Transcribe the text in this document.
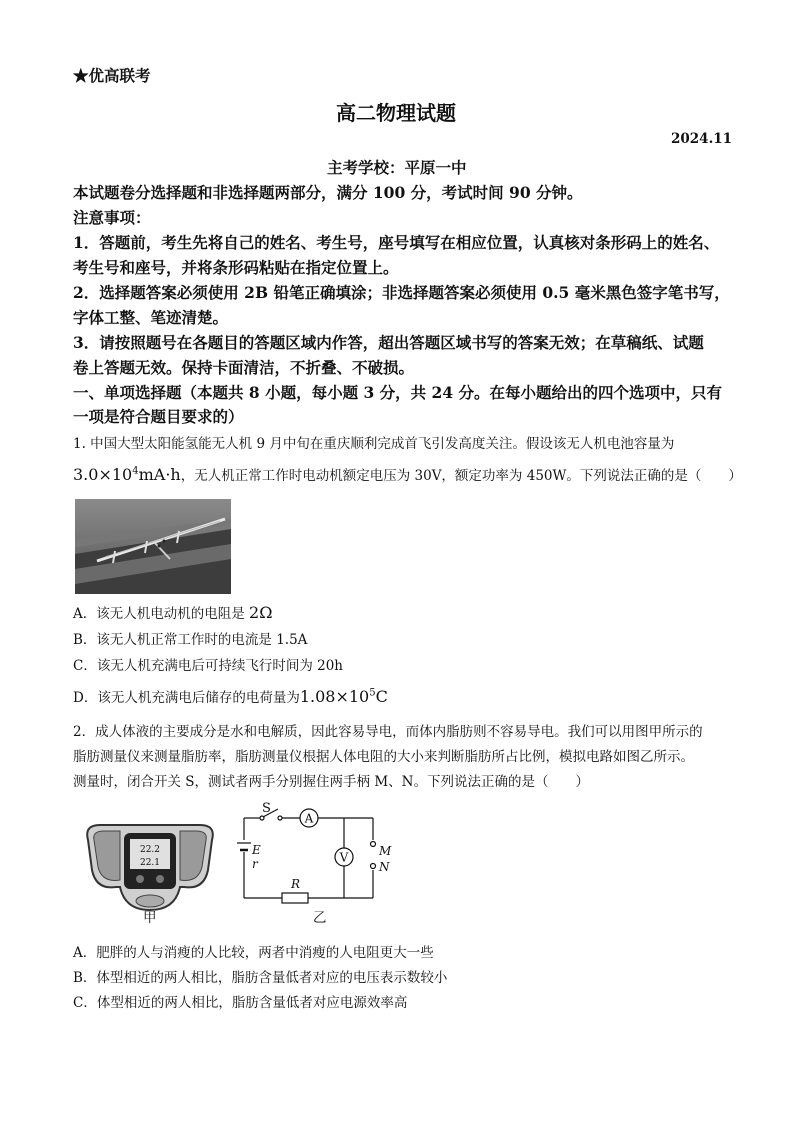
★优高联考
高二物理试题
2024.11
主考学校：平原一中
本试题卷分选择题和非选择题两部分，满分 100 分，考试时间 90 分钟。
注意事项：
1．答题前，考生先将自己的姓名、考生号，座号填写在相应位置，认真核对条形码上的姓名、
考生号和座号，并将条形码粘贴在指定位置上。
2．选择题答案必须使用 2B 铅笔正确填涂；非选择题答案必须使用 0.5 毫米黑色签字笔书写，
字体工整、笔迹清楚。
3．请按照题号在各题目的答题区域内作答，超出答题区域书写的答案无效；在草稿纸、试题
卷上答题无效。保持卡面清洁，不折叠、不破损。
一、单项选择题（本题共 8 小题，每小题 3 分，共 24 分。在每小题给出的四个选项中，只有
一项是符合题目要求的）
1. 中国大型太阳能氢能无人机 9 月中旬在重庆顺利完成首飞引发高度关注。假设该无人机电池容量为
$3.0\times 10^4mA\cdot h$，无人机正常工作时电动机额定电压为 30V，额定功率为 450W。下列说法正确的是（　　）
A．该无人机电动机的电阻是 2Ω
B．该无人机正常工作时的电流是 1.5A
C．该无人机充满电后可持续飞行时间为 20h
D．该无人机充满电后储存的电荷量为$1.08\times 10^5C$
2．成人体液的主要成分是水和电解质，因此容易导电，而体内脂肪则不容易导电。我们可以用图甲所示的
脂肪测量仪来测量脂肪率，脂肪测量仪根据人体电阻的大小来判断脂肪所占比例，模拟电路如图乙所示。
测量时，闭合开关 S，测试者两手分别握住两手柄 M、N。下列说法正确的是（　　）
22.2
22.1
甲
S
A
V
E
r
R
M
N
乙
A．肥胖的人与消瘦的人比较，两者中消瘦的人电阻更大一些
B．体型相近的两人相比，脂肪含量低者对应的电压表示数较小
C．体型相近的两人相比，脂肪含量低者对应电源效率高
